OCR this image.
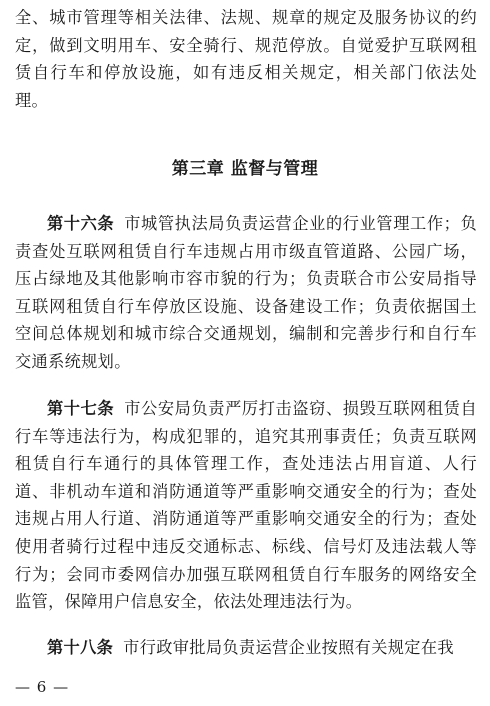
全、城市管理等相关法律、法规、规章的规定及服务协议的约定，做到文明用车、安全骑行、规范停放。自觉爱护互联网租赁自行车和停放设施，如有违反相关规定，相关部门依法处理。

第三章 监督与管理

第十六条 市城管执法局负责运营企业的行业管理工作；负责查处互联网租赁自行车违规占用市级直管道路、公园广场，压占绿地及其他影响市容市貌的行为；负责联合市公安局指导互联网租赁自行车停放区设施、设备建设工作；负责依据国土空间总体规划和城市综合交通规划，编制和完善步行和自行车交通系统规划。

第十七条 市公安局负责严厉打击盗窃、损毁互联网租赁自行车等违法行为，构成犯罪的，追究其刑事责任；负责互联网租赁自行车通行的具体管理工作，查处违法占用盲道、人行道、非机动车道和消防通道等严重影响交通安全的行为；查处违规占用人行道、消防通道等严重影响交通安全的行为；查处使用者骑行过程中违反交通标志、标线、信号灯及违法载人等行为；会同市委网信办加强互联网租赁自行车服务的网络安全监管，保障用户信息安全，依法处理违法行为。

第十八条 市行政审批局负责运营企业按照有关规定在我

— 6 —
